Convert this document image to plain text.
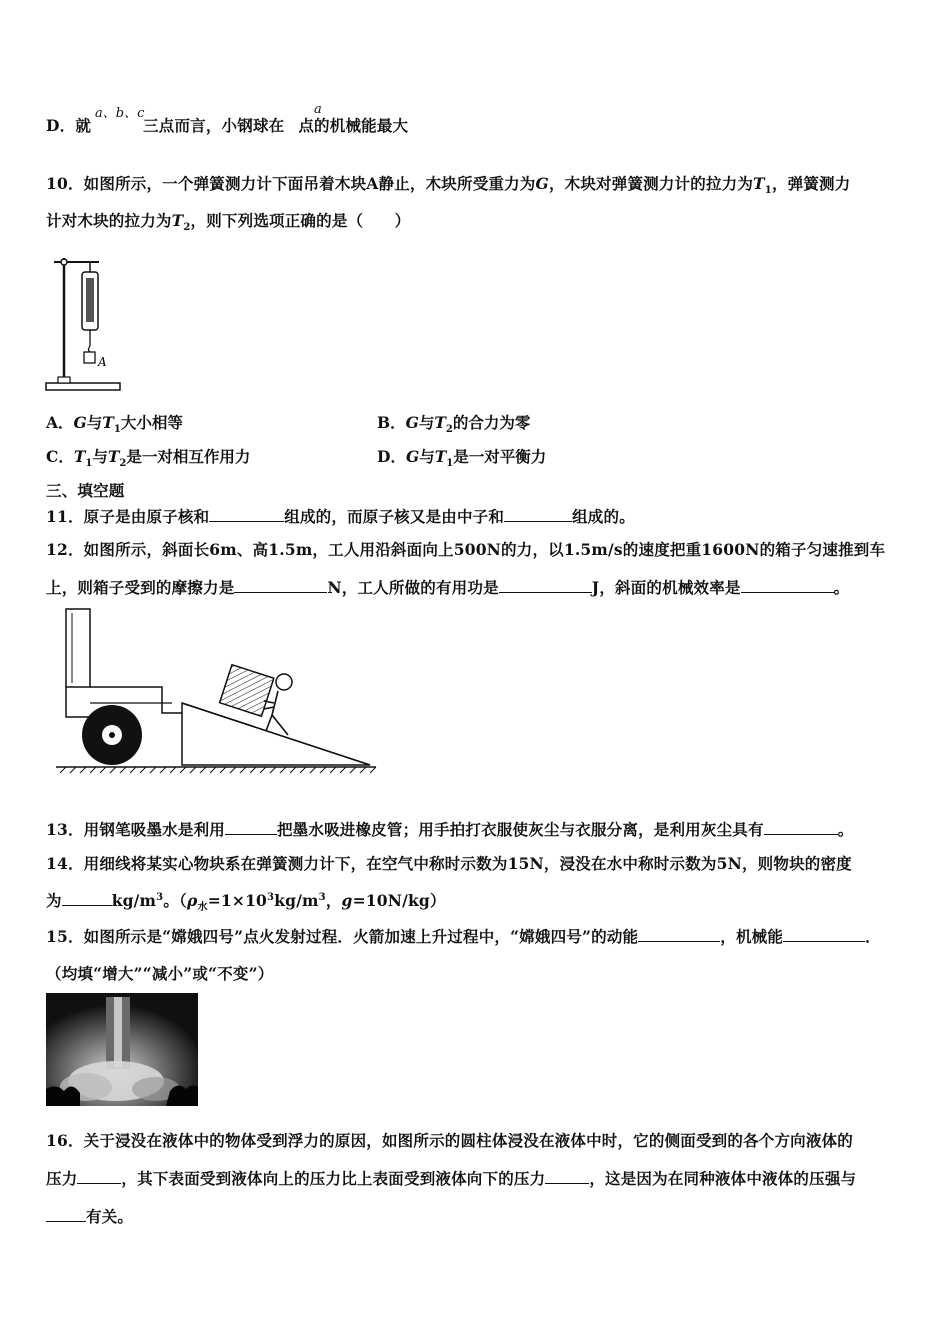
D．就	三点而言，小钢球在 点的机械能最大
a、b、c	a
10．如图所示，一个弹簧测力计下面吊着木块A静止，木块所受重力为G，木块对弹簧测力计的拉力为$T_1$，弹簧测力
计对木块的拉力为$T_2$，则下列选项正确的是（　　）
A
A．G与$T_1$大小相等	B．G与$T_2$的合力为零
C．$T_1$与$T_2$是一对相互作用力	D．G与$T_1$是一对平衡力
三、填空题
11．原子是由原子核和	组成的，而原子核又是由中子和	组成的。
12．如图所示，斜面长6m、高1.5m，工人用沿斜面向上500N的力，以1.5m/s的速度把重1600N的箱子匀速推到车
上，则箱子受到的摩擦力是	N，工人所做的有用功是	J，斜面的机械效率是	。
13．用钢笔吸墨水是利用	把墨水吸进橡皮管；用手拍打衣服使灰尘与衣服分离，是利用灰尘具有	。
14．用细线将某实心物块系在弹簧测力计下，在空气中称时示数为15N，浸没在水中称时示数为5N，则物块的密度
为	$kg/m^3$。（$\rho_水=1\times 10^3kg/m^3$，g=10N/kg）
15．如图所示是“嫦娥四号”点火发射过程．火箭加速上升过程中，“嫦娥四号”的动能	，机械能	．
（均填“增大”“减小”或“不变”）
16．关于浸没在液体中的物体受到浮力的原因，如图所示的圆柱体浸没在液体中时，它的侧面受到的各个方向液体的
压力	，其下表面受到液体向上的压力比上表面受到液体向下的压力	，这是因为在同种液体中液体的压强与
有关。
